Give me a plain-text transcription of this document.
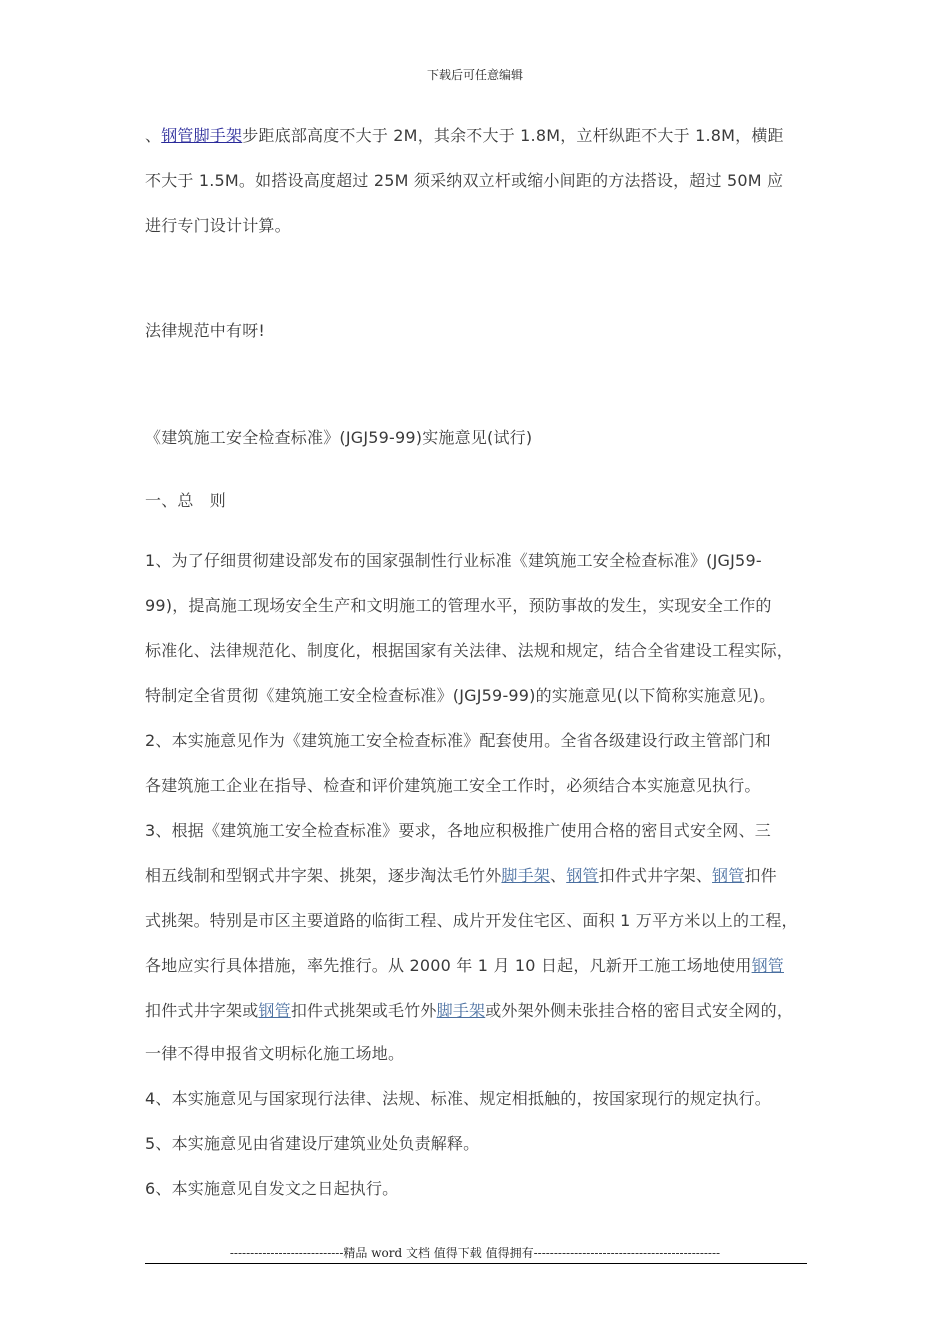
下载后可任意编辑
、钢管脚手架步距底部高度不大于 2M，其余不大于 1.8M，立杆纵距不大于 1.8M，横距
不大于 1.5M。如搭设高度超过 25M 须采纳双立杆或缩小间距的方法搭设，超过 50M 应
进行专门设计计算。
法律规范中有呀!
《建筑施工安全检查标准》(JGJ59-99)实施意见(试行)
一、总　则
1、为了仔细贯彻建设部发布的国家强制性行业标准《建筑施工安全检查标准》(JGJ59-
99)，提高施工现场安全生产和文明施工的管理水平，预防事故的发生，实现安全工作的
标准化、法律规范化、制度化，根据国家有关法律、法规和规定，结合全省建设工程实际，
特制定全省贯彻《建筑施工安全检查标准》(JGJ59-99)的实施意见(以下简称实施意见)。
2、本实施意见作为《建筑施工安全检查标准》配套使用。全省各级建设行政主管部门和
各建筑施工企业在指导、检查和评价建筑施工安全工作时，必须结合本实施意见执行。
3、根据《建筑施工安全检查标准》要求，各地应积极推广使用合格的密目式安全网、三
相五线制和型钢式井字架、挑架，逐步淘汰毛竹外脚手架、钢管扣件式井字架、钢管扣件
式挑架。特别是市区主要道路的临街工程、成片开发住宅区、面积 1 万平方米以上的工程，
各地应实行具体措施，率先推行。从 2000 年 1 月 10 日起，凡新开工施工场地使用钢管
扣件式井字架或钢管扣件式挑架或毛竹外脚手架或外架外侧未张挂合格的密目式安全网的，
一律不得申报省文明标化施工场地。
4、本实施意见与国家现行法律、法规、标准、规定相抵触的，按国家现行的规定执行。
5、本实施意见由省建设厅建筑业处负责解释。
6、本实施意见自发文之日起执行。
----------------------------精品 word 文档 值得下载 值得拥有----------------------------------------------
